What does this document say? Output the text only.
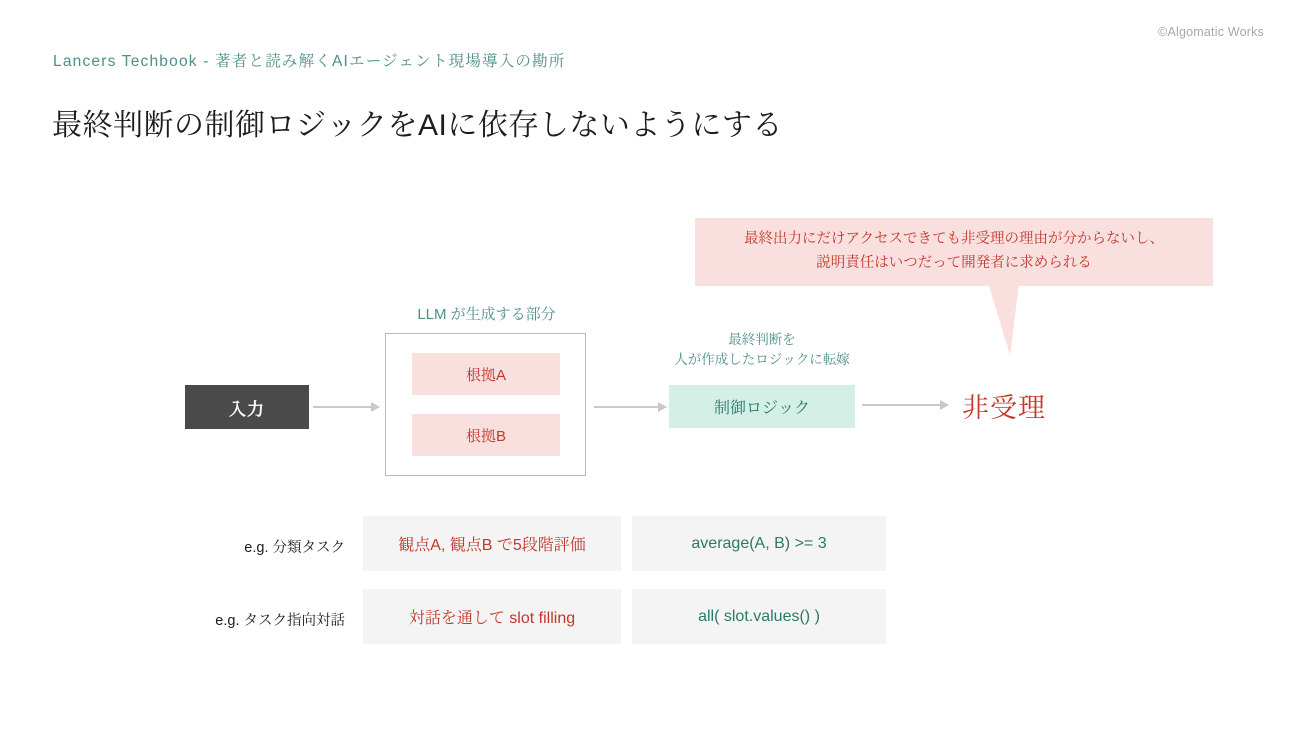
©Algomatic Works
Lancers Techbook - 著者と読み解くAIエージェント現場導入の勘所
最終判断の制御ロジックをAIに依存しないようにする
入力
LLM が生成する部分
根拠A
根拠B
最終判断を
人が作成したロジックに転嫁
制御ロジック	非受理
最終出力にだけアクセスできても非受理の理由が分からないし、
説明責任はいつだって開発者に求められる
e.g. 分類タスク	観点A, 観点B で5段階評価	average(A, B) >= 3
e.g. タスク指向対話	対話を通して slot filling	all( slot.values() )
